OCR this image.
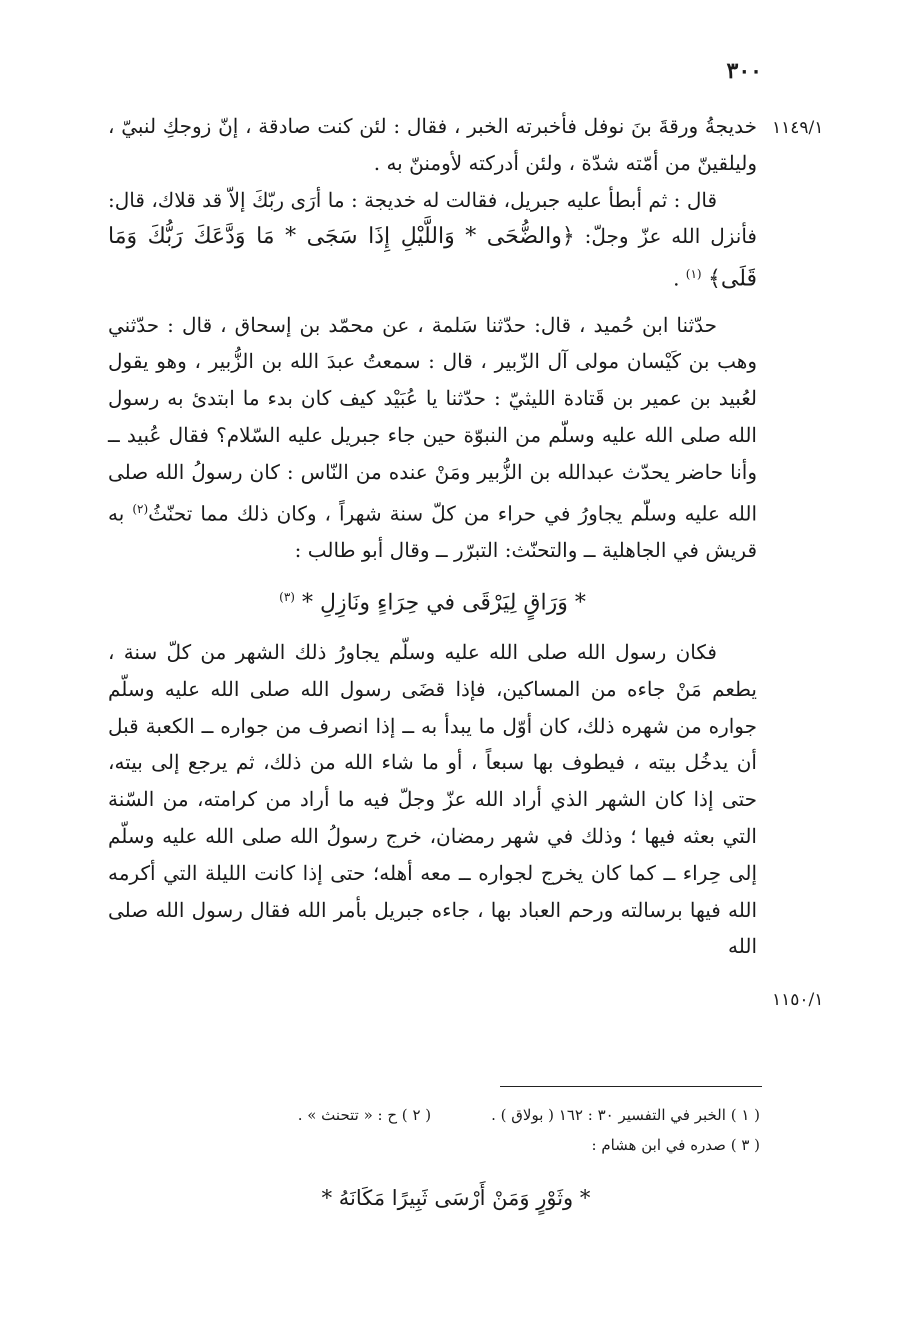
٣٠٠
١١٤٩/١
١١٥٠/١

خديجةُ ورقةَ بنَ نوفل فأخبرته الخبر ، فقال : لئن كنت صادقة ، إنّ زوجكِ لنبيّ ، وليلقينّ من أمّته شدّة ، ولئن أدركته لأومننّ به .

قال : ثم أبطأ عليه جبريل، فقالت له خديجة : ما أرَى ربّكَ إلاّ قد قلاك، قال: فأنزل الله عزّ وجلّ: ﴿والضُّحَى * وَاللَّيْلِ إِذَا سَجَى * مَا وَدَّعَكَ رَبُّكَ وَمَا قَلَى﴾ $^{(١)}$ .

حدّثنا ابن حُميد ، قال: حدّثنا سَلمة ، عن محمّد بن إسحاق ، قال : حدّثني وهب بن كَيْسان مولى آل الزّبير ، قال : سمعتُ عبدَ الله بن الزُّبير ، وهو يقول لعُبيد بن عمير بن قَتادة الليثيّ : حدّثنا يا عُبَيْد كيف كان بدء ما ابتدئ به رسول الله صلى الله عليه وسلّم من النبوّة حين جاء جبريل عليه السّلام؟ فقال عُبيد ــ وأنا حاضر يحدّث عبدالله بن الزُّبير ومَنْ عنده من النّاس : كان رسولُ الله صلى الله عليه وسلّم يجاورُ في حراء من كلّ سنة شهراً ، وكان ذلك مما تحنّثُ$^{(٢)}$ به قريش في الجاهلية ــ والتحنّث: التبرّر ــ وقال أبو طالب :

* وَرَاقٍ لِيَرْقَى في حِرَاءٍ ونَازِلِ * $^{(٣)}$

فكان رسول الله صلى الله عليه وسلّم يجاورُ ذلك الشهر من كلّ سنة ، يطعم مَنْ جاءه من المساكين، فإذا قضَى رسول الله صلى الله عليه وسلّم جواره من شهره ذلك، كان أوّل ما يبدأ به ــ إذا انصرف من جواره ــ الكعبة قبل أن يدخُل بيته ، فيطوف بها سبعاً ، أو ما شاء الله من ذلك، ثم يرجع إلى بيته، حتى إذا كان الشهر الذي أراد الله عزّ وجلّ فيه ما أراد من كرامته، من السّنة التي بعثه فيها ؛ وذلك في شهر رمضان، خرج رسولُ الله صلى الله عليه وسلّم إلى حِراء ــ كما كان يخرج لجواره ــ معه أهله؛ حتى إذا كانت الليلة التي أكرمه الله فيها برسالته ورحم العباد بها ، جاءه جبريل بأمر الله فقال رسول الله صلى الله

( ١ ) الخبر في التفسير ٣٠ : ١٦٢ ( بولاق ) .
( ٢ ) ح : « تتحنث » .
( ٣ ) صدره في ابن هشام :
* وثَوْرٍ وَمَنْ أَرْسَى ثَبِيرًا مَكَانَهُ *
